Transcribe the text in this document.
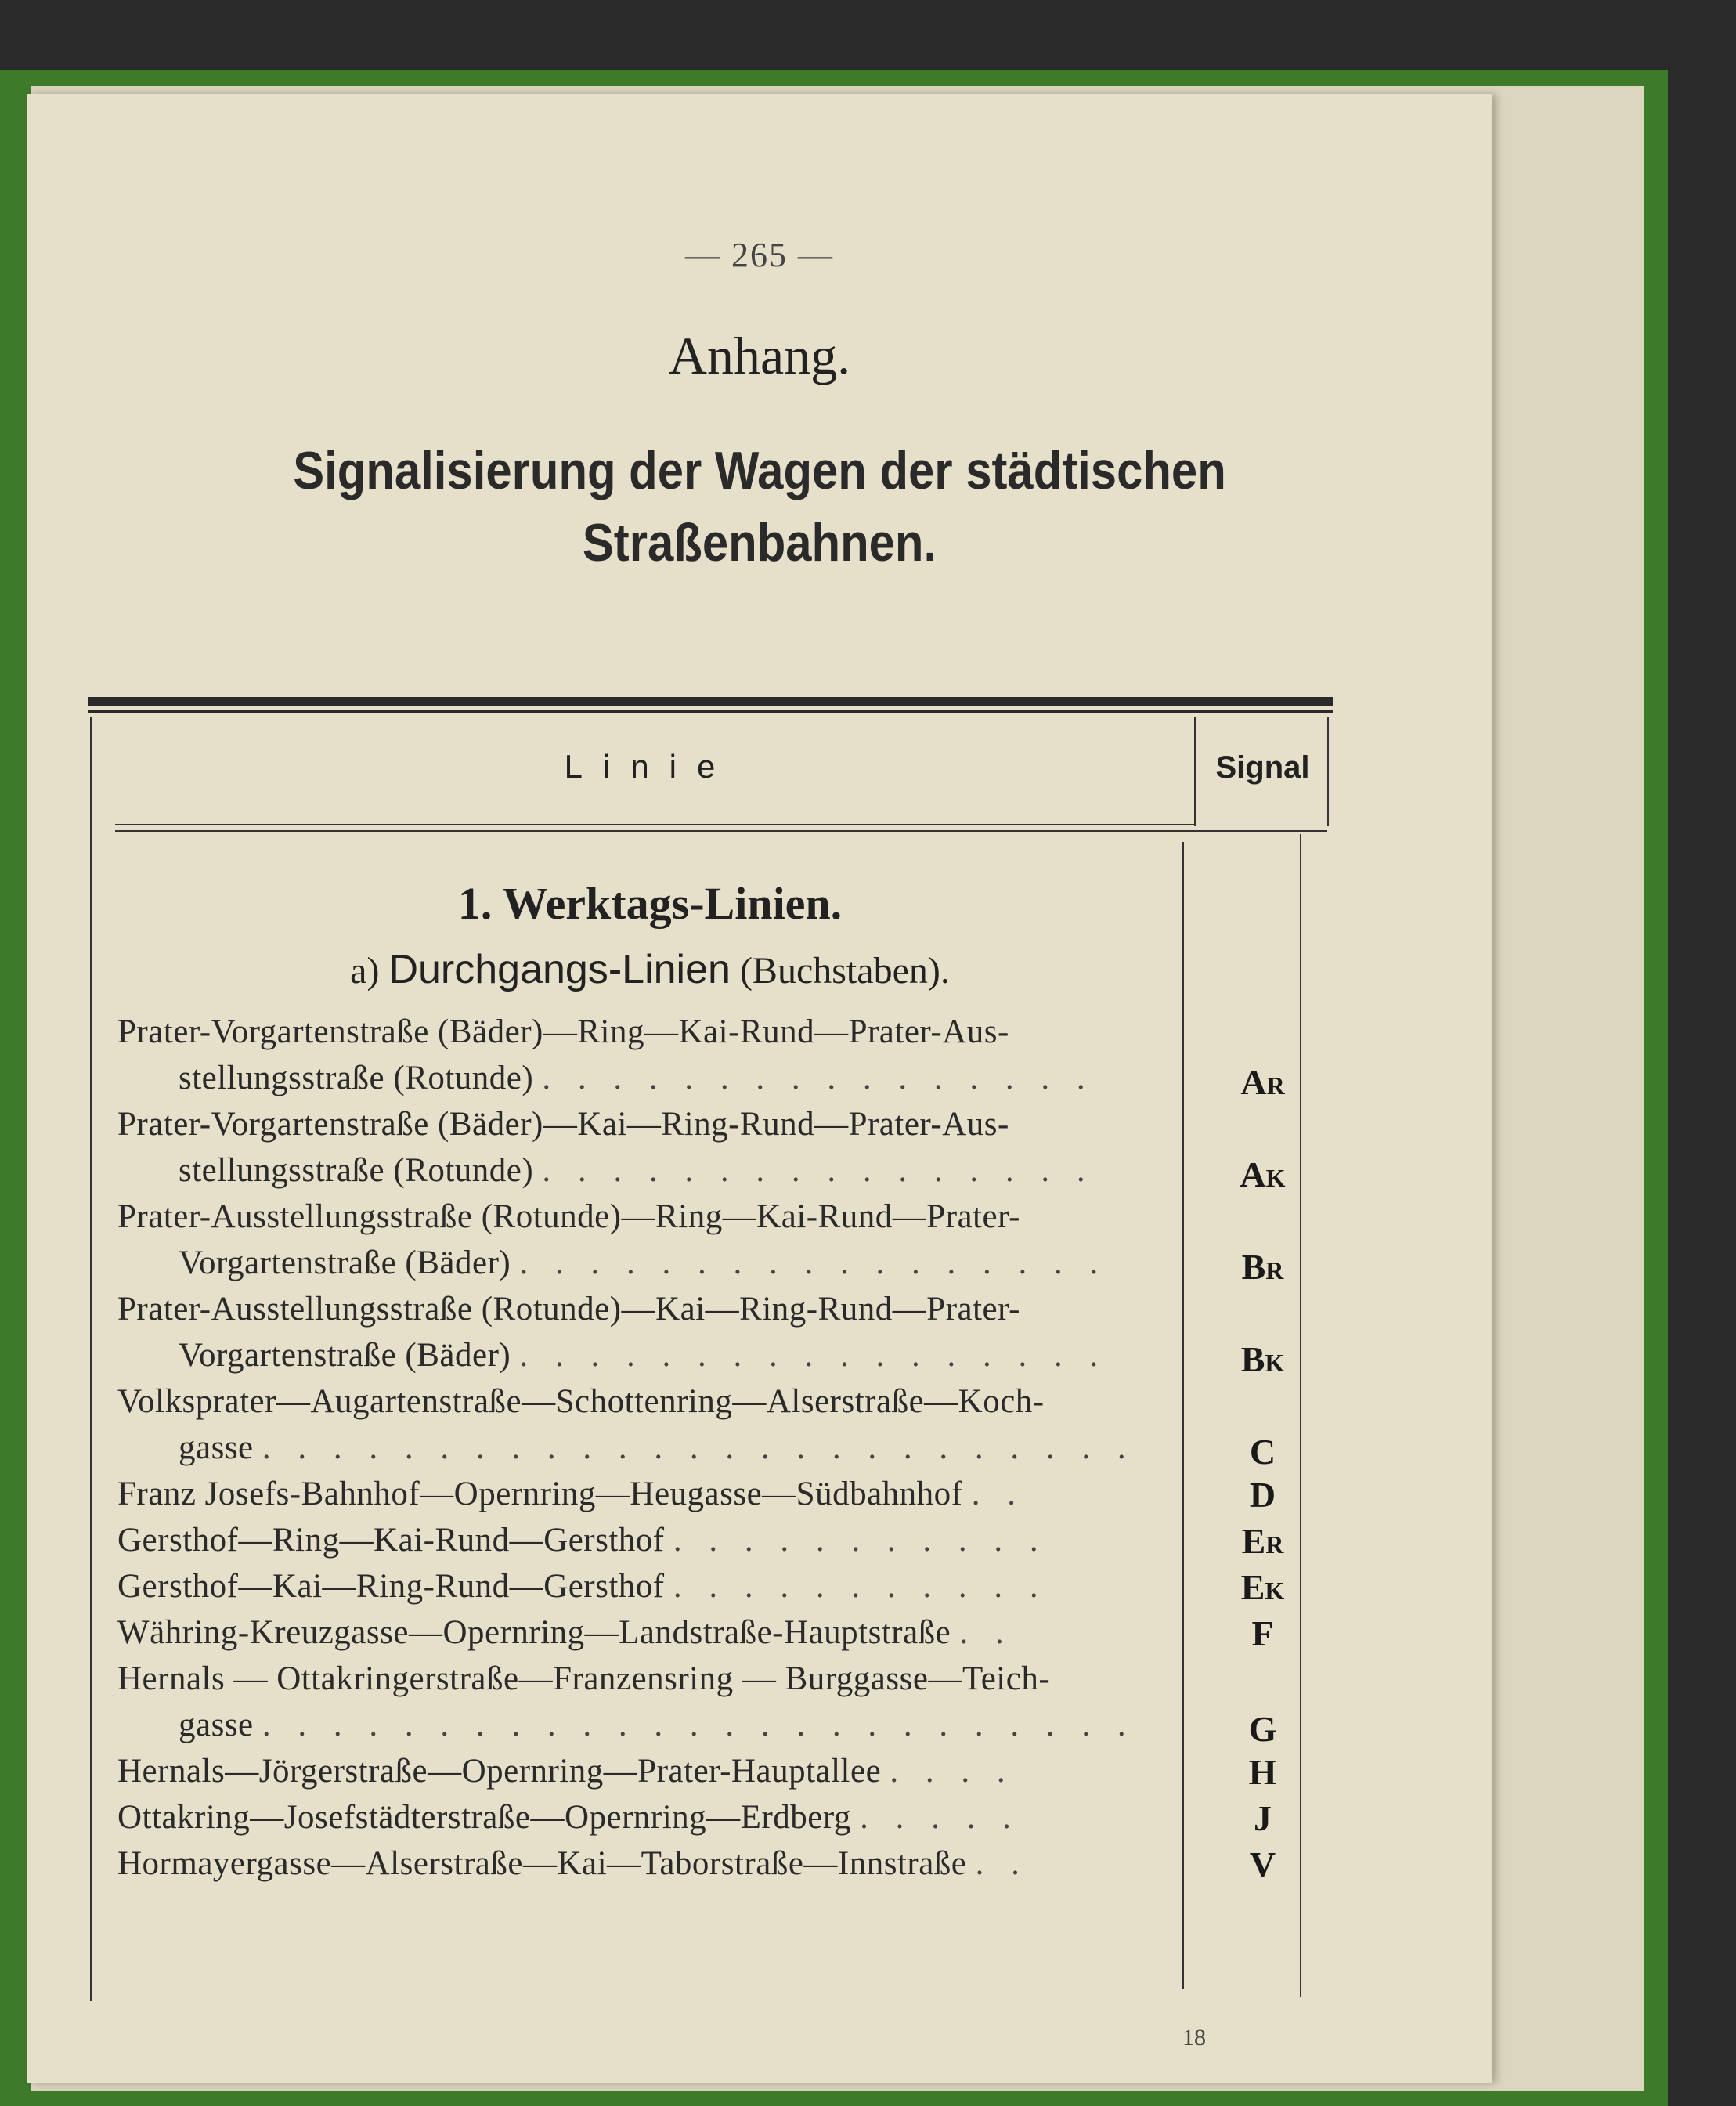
— 265 —
Anhang.
Signalisierung der Wagen der städtischen
Straßenbahnen.
Linie	Signal
1. Werktags-Linien.
a) Durchgangs-Linien (Buchstaben).
Prater-Vorgartenstraße (Bäder)—Ring—Kai-Rund—Prater-Aus-
stellungsstraße (Rotunde) . . . . . . . . . . . . . . . .	AR
Prater-Vorgartenstraße (Bäder)—Kai—Ring-Rund—Prater-Aus-
stellungsstraße (Rotunde) . . . . . . . . . . . . . . . .	AK
Prater-Ausstellungsstraße (Rotunde)—Ring—Kai-Rund—Prater-
Vorgartenstraße (Bäder) . . . . . . . . . . . . . . . . .	BR
Prater-Ausstellungsstraße (Rotunde)—Kai—Ring-Rund—Prater-
Vorgartenstraße (Bäder) . . . . . . . . . . . . . . . . .	BK
Volksprater—Augartenstraße—Schottenring—Alserstraße—Koch-
gasse . . . . . . . . . . . . . . . . . . . . . . . . .	C
Franz Josefs-Bahnhof—Opernring—Heugasse—Südbahnhof . .	D
Gersthof—Ring—Kai-Rund—Gersthof . . . . . . . . . . .	ER
Gersthof—Kai—Ring-Rund—Gersthof . . . . . . . . . . .	EK
Währing-Kreuzgasse—Opernring—Landstraße-Hauptstraße . .	F
Hernals — Ottakringerstraße—Franzensring — Burggasse—Teich-
gasse . . . . . . . . . . . . . . . . . . . . . . . . .	G
Hernals—Jörgerstraße—Opernring—Prater-Hauptallee . . . .	H
Ottakring—Josefstädterstraße—Opernring—Erdberg . . . . .	J
Hormayergasse—Alserstraße—Kai—Taborstraße—Innstraße . .	V
18
